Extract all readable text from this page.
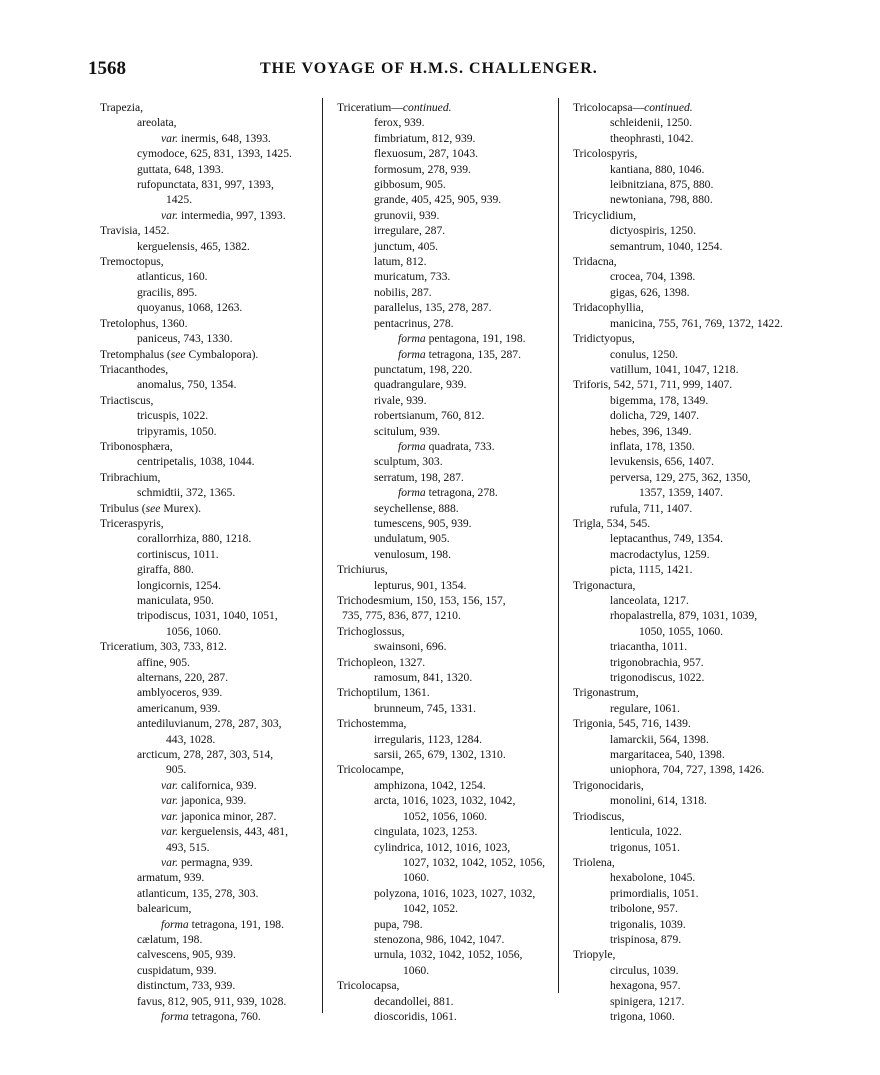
1568	THE VOYAGE OF H.M.S. CHALLENGER.
Trapezia,
areolata,
var. inermis, 648, 1393.
cymodoce, 625, 831, 1393, 1425.
guttata, 648, 1393.
rufopunctata, 831, 997, 1393,
1425.
var. intermedia, 997, 1393.
Travisia, 1452.
kerguelensis, 465, 1382.
Tremoctopus,
atlanticus, 160.
gracilis, 895.
quoyanus, 1068, 1263.
Tretolophus, 1360.
paniceus, 743, 1330.
Tretomphalus (see Cymbalopora).
Triacanthodes,
anomalus, 750, 1354.
Triactiscus,
tricuspis, 1022.
tripyramis, 1050.
Tribonosphæra,
centripetalis, 1038, 1044.
Tribrachium,
schmidtii, 372, 1365.
Tribulus (see Murex).
Triceraspyris,
corallorrhiza, 880, 1218.
cortiniscus, 1011.
giraffa, 880.
longicornis, 1254.
maniculata, 950.
tripodiscus, 1031, 1040, 1051,
1056, 1060.
Triceratium, 303, 733, 812.
affine, 905.
alternans, 220, 287.
amblyoceros, 939.
americanum, 939.
antediluvianum, 278, 287, 303,
443, 1028.
arcticum, 278, 287, 303, 514,
905.
var. californica, 939.
var. japonica, 939.
var. japonica minor, 287.
var. kerguelensis, 443, 481,
493, 515.
var. permagna, 939.
armatum, 939.
atlanticum, 135, 278, 303.
balearicum,
forma tetragona, 191, 198.
cælatum, 198.
calvescens, 905, 939.
cuspidatum, 939.
distinctum, 733, 939.
favus, 812, 905, 911, 939, 1028.
forma tetragona, 760.
Triceratium—continued.
ferox, 939.
fimbriatum, 812, 939.
flexuosum, 287, 1043.
formosum, 278, 939.
gibbosum, 905.
grande, 405, 425, 905, 939.
grunovii, 939.
irregulare, 287.
junctum, 405.
latum, 812.
muricatum, 733.
nobilis, 287.
parallelus, 135, 278, 287.
pentacrinus, 278.
forma pentagona, 191, 198.
forma tetragona, 135, 287.
punctatum, 198, 220.
quadrangulare, 939.
rivale, 939.
robertsianum, 760, 812.
scitulum, 939.
forma quadrata, 733.
sculptum, 303.
serratum, 198, 287.
forma tetragona, 278.
seychellense, 888.
tumescens, 905, 939.
undulatum, 905.
venulosum, 198.
Trichiurus,
lepturus, 901, 1354.
Trichodesmium, 150, 153, 156, 157,
735, 775, 836, 877, 1210.
Trichoglossus,
swainsoni, 696.
Trichopleon, 1327.
ramosum, 841, 1320.
Trichoptilum, 1361.
brunneum, 745, 1331.
Trichostemma,
irregularis, 1123, 1284.
sarsii, 265, 679, 1302, 1310.
Tricolocampe,
amphizona, 1042, 1254.
arcta, 1016, 1023, 1032, 1042,
1052, 1056, 1060.
cingulata, 1023, 1253.
cylindrica, 1012, 1016, 1023,
1027, 1032, 1042, 1052, 1056,
1060.
polyzona, 1016, 1023, 1027, 1032,
1042, 1052.
pupa, 798.
stenozona, 986, 1042, 1047.
urnula, 1032, 1042, 1052, 1056,
1060.
Tricolocapsa,
decandollei, 881.
dioscoridis, 1061.
Tricolocapsa—continued.
schleidenii, 1250.
theophrasti, 1042.
Tricolospyris,
kantiana, 880, 1046.
leibnitziana, 875, 880.
newtoniana, 798, 880.
Tricyclidium,
dictyospiris, 1250.
semantrum, 1040, 1254.
Tridacna,
crocea, 704, 1398.
gigas, 626, 1398.
Tridacophyllia,
manicina, 755, 761, 769, 1372, 1422.
Tridictyopus,
conulus, 1250.
vatillum, 1041, 1047, 1218.
Triforis, 542, 571, 711, 999, 1407.
bigemma, 178, 1349.
dolicha, 729, 1407.
hebes, 396, 1349.
inflata, 178, 1350.
levukensis, 656, 1407.
perversa, 129, 275, 362, 1350,
1357, 1359, 1407.
rufula, 711, 1407.
Trigla, 534, 545.
leptacanthus, 749, 1354.
macrodactylus, 1259.
picta, 1115, 1421.
Trigonactura,
lanceolata, 1217.
rhopalastrella, 879, 1031, 1039,
1050, 1055, 1060.
triacantha, 1011.
trigonobrachia, 957.
trigonodiscus, 1022.
Trigonastrum,
regulare, 1061.
Trigonia, 545, 716, 1439.
lamarckii, 564, 1398.
margaritacea, 540, 1398.
uniophora, 704, 727, 1398, 1426.
Trigonocidaris,
monolini, 614, 1318.
Triodiscus,
lenticula, 1022.
trigonus, 1051.
Triolena,
hexabolone, 1045.
primordialis, 1051.
tribolone, 957.
trigonalis, 1039.
trispinosa, 879.
Triopyle,
circulus, 1039.
hexagona, 957.
spinigera, 1217.
trigona, 1060.
